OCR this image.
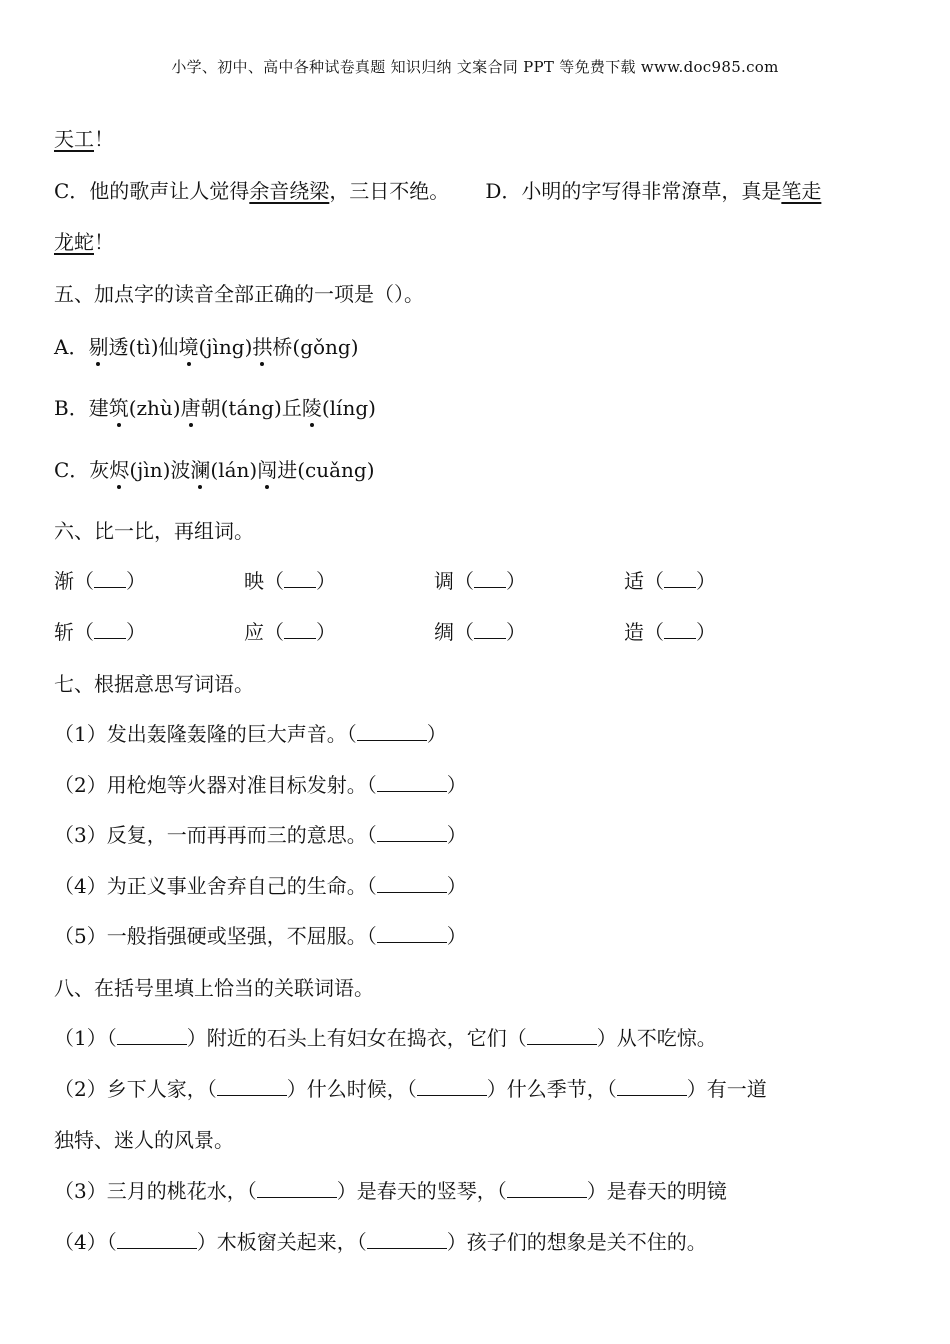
小学、初中、高中各种试卷真题 知识归纳 文案合同 PPT 等免费下载 www.doc985.com
天工！
C．他的歌声让人觉得余音绕梁，三日不绝。 D．小明的字写得非常潦草，真是笔走
龙蛇！
五、加点字的读音全部正确的一项是（）。
A．剔透(tì)仙境(jìng)拱桥(gǒng)
B．建筑(zhù)唐朝(táng)丘陵(líng)
C．灰烬(jìn)波澜(lán)闯进(cuǎng)
六、比一比，再组词。
渐（ ）	映（ ）	调（ ）	适（ ）
斩（ ）	应（ ）	绸（ ）	造（ ）
七、根据意思写词语。
（1）发出轰隆轰隆的巨大声音。（	）
（2）用枪炮等火器对准目标发射。（	）
（3）反复，一而再再而三的意思。（	）
（4）为正义事业舍弃自己的生命。（	）
（5）一般指强硬或坚强，不屈服。（	）
八、在括号里填上恰当的关联词语。
（1）（	）附近的石头上有妇女在捣衣，它们（	）从不吃惊。
（2）乡下人家，（	）什么时候，（	）什么季节，（	）有一道
独特、迷人的风景。
（3）三月的桃花水，（	）是春天的竖琴，（	）是春天的明镜
（4）（	）木板窗关起来，（	）孩子们的想象是关不住的。
